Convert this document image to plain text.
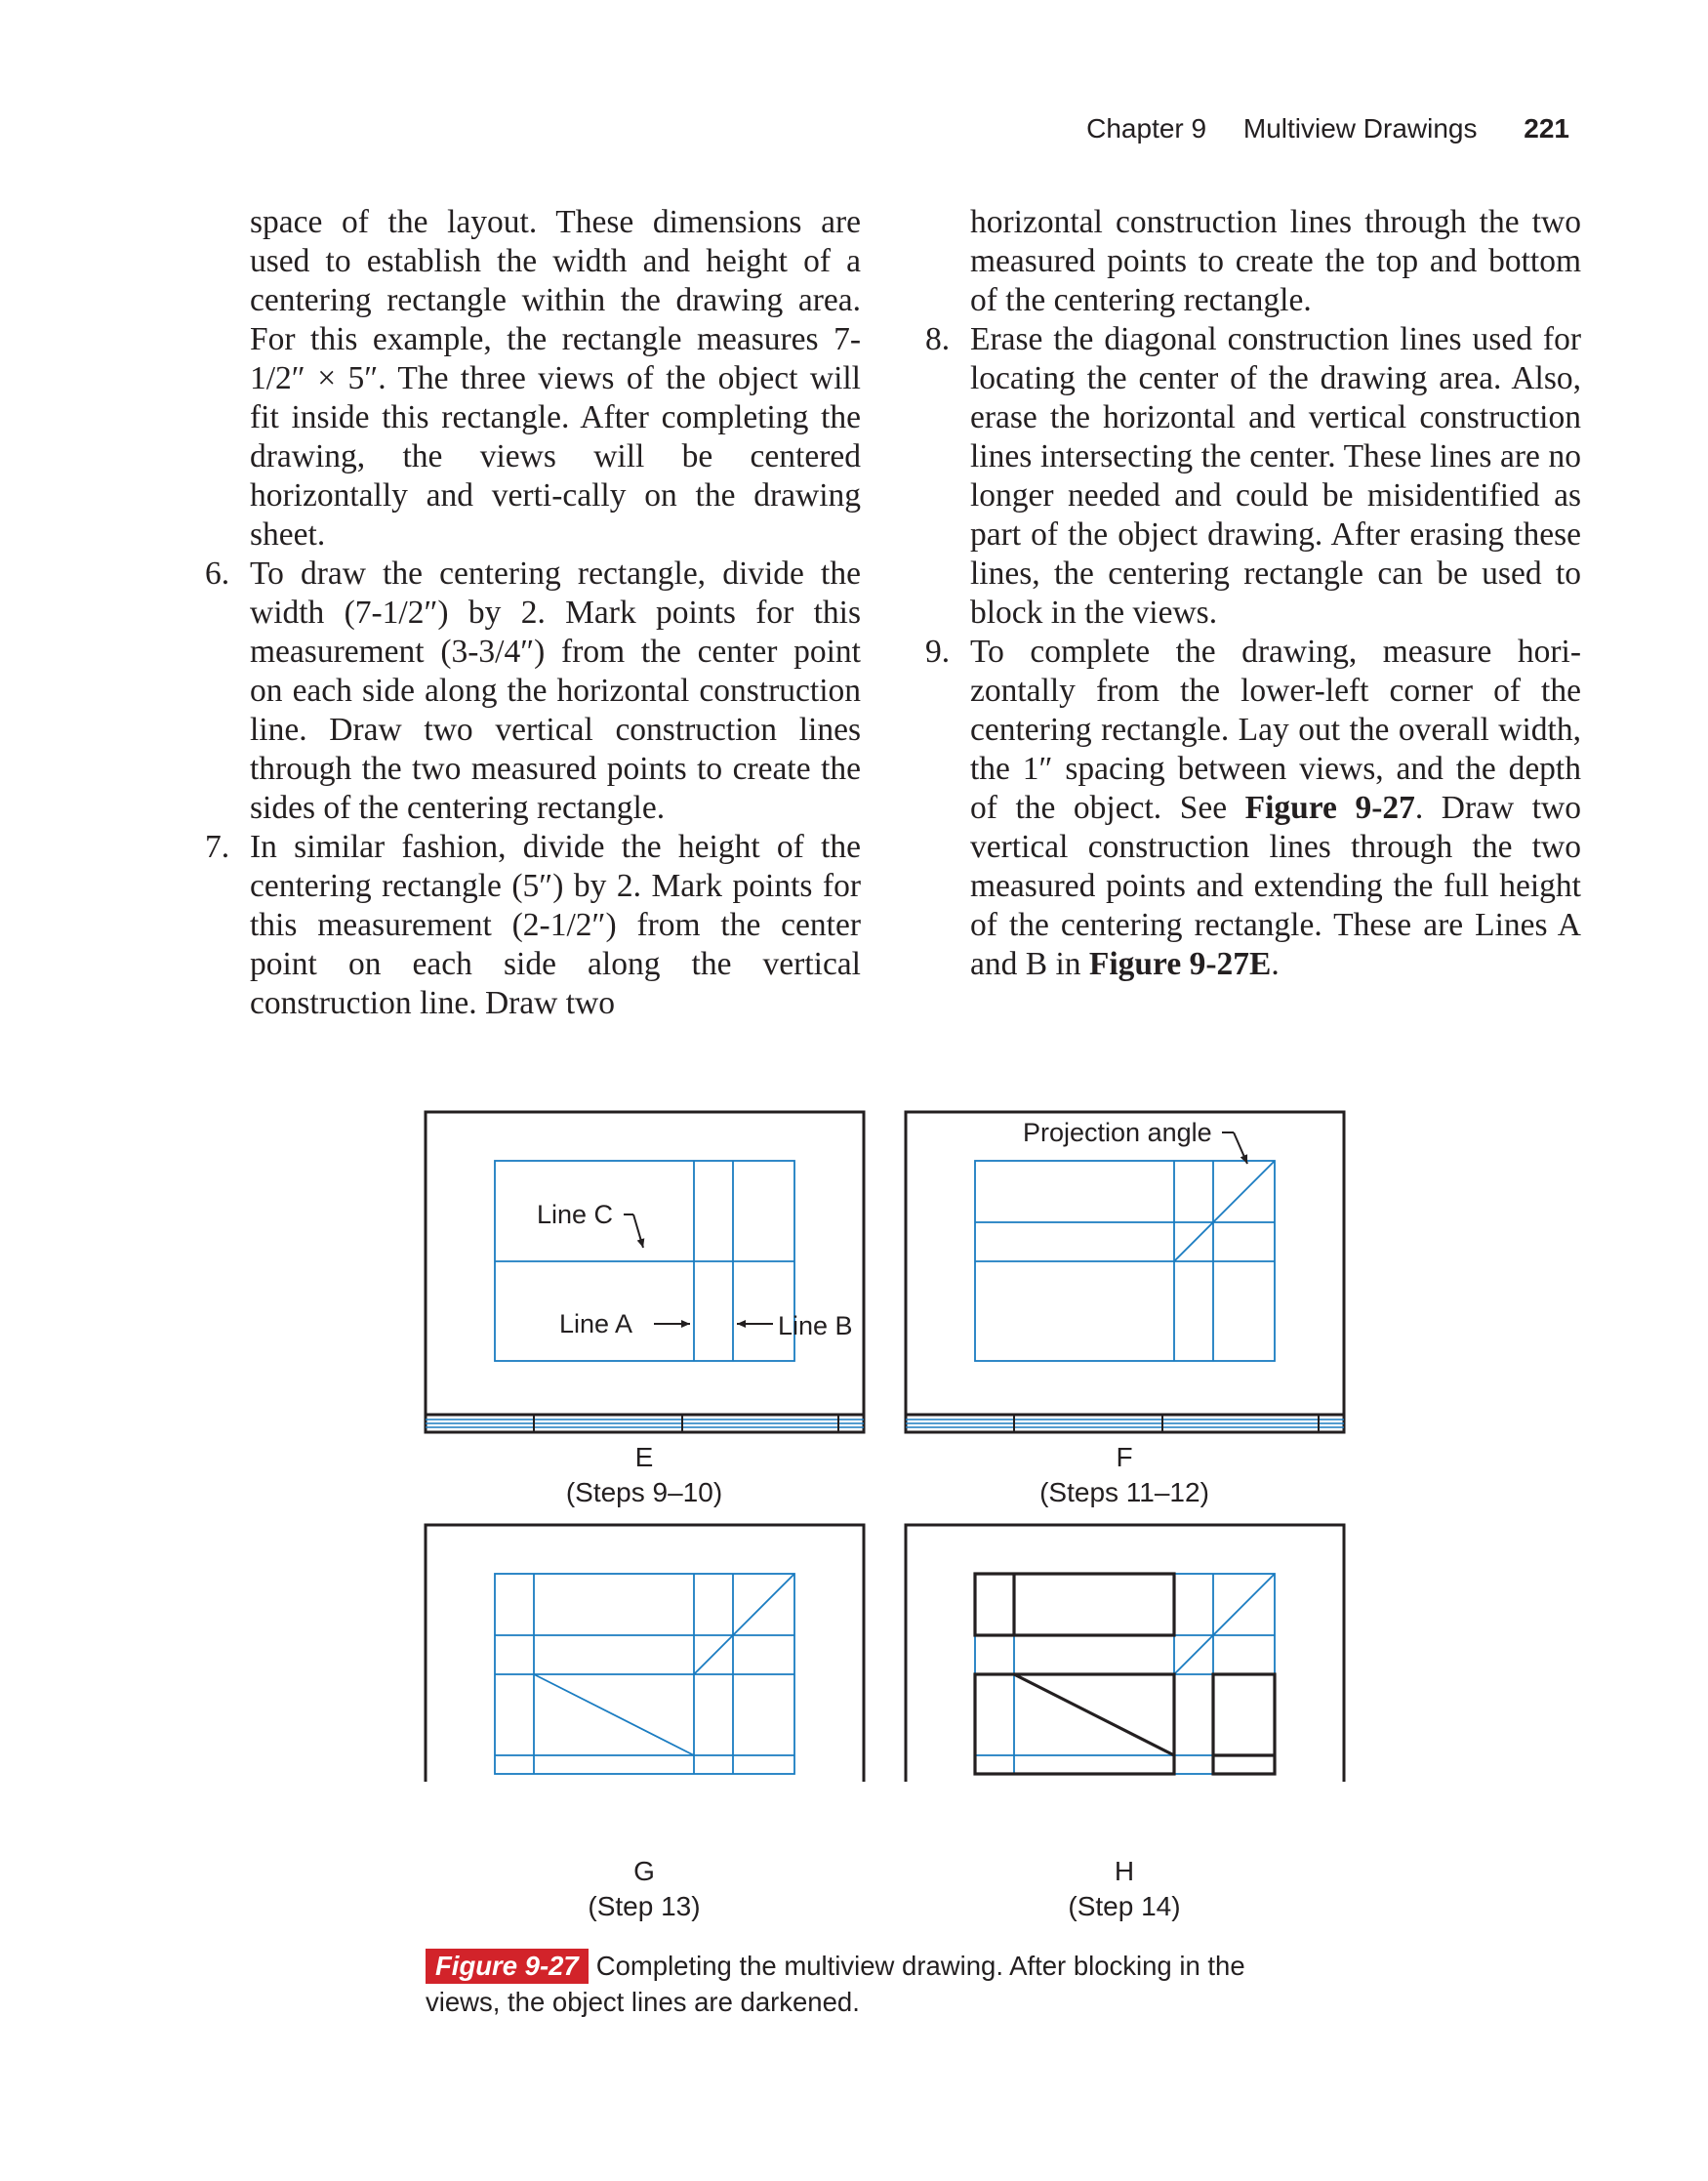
Chapter 9 Multiview Drawings 221

space of the layout. These dimensions are used to establish the width and height of a centering rectangle within the drawing area. For this example, the rectangle measures 7-1/2″ × 5″. The three views of the object will fit inside this rectangle. After completing the drawing, the views will be centered horizontally and verti-cally on the drawing sheet.

6. To draw the centering rectangle, divide the width (7-1/2″) by 2. Mark points for this measurement (3-3/4″) from the center point on each side along the horizontal construction line. Draw two vertical construction lines through the two measured points to create the sides of the centering rectangle.

7. In similar fashion, divide the height of the centering rectangle (5″) by 2. Mark points for this measurement (2-1/2″) from the center point on each side along the vertical construction line. Draw two

horizontal construction lines through the two measured points to create the top and bottom of the centering rectangle.

8. Erase the diagonal construction lines used for locating the center of the drawing area. Also, erase the horizontal and vertical construction lines intersecting the center. These lines are no longer needed and could be misidentified as part of the object drawing. After erasing these lines, the centering rectangle can be used to block in the views.

9. To complete the drawing, measure hori-zontally from the lower-left corner of the centering rectangle. Lay out the overall width, the 1″ spacing between views, and the depth of the object. See Figure 9-27. Draw two vertical construction lines through the two measured points and extending the full height of the centering rectangle. These are Lines A and B in Figure 9-27E.

Line C
Line A	Line B
Projection angle
E
(Steps 9–10)
F
(Steps 11–12)
G
(Step 13)
H
(Step 14)
Figure 9-27 Completing the multiview drawing. After blocking in the views, the object lines are darkened.
